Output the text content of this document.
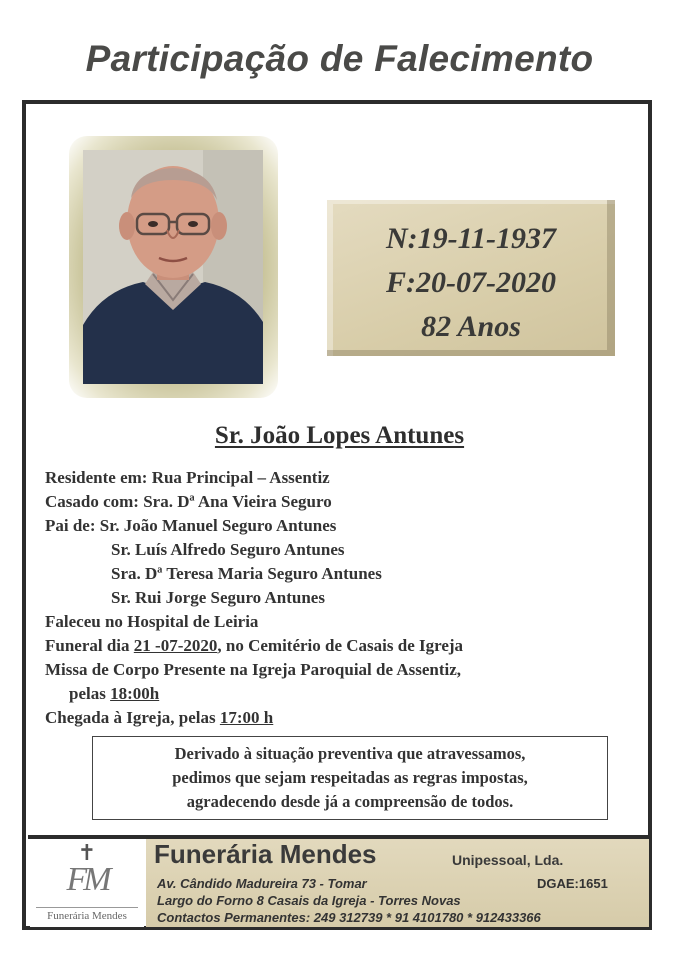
Participação de Falecimento
N:19-11-1937
F:20-07-2020
82 Anos
Sr. João Lopes Antunes
Residente em: Rua Principal – Assentiz
Casado com: Sra. Dª Ana Vieira Seguro
Pai de: Sr. João Manuel Seguro Antunes
Sr. Luís Alfredo Seguro Antunes
Sra. Dª Teresa Maria Seguro Antunes
Sr. Rui Jorge Seguro Antunes
Faleceu no Hospital de Leiria
Funeral dia 21 -07-2020, no Cemitério de Casais de Igreja
Missa de Corpo Presente na Igreja Paroquial de Assentiz,
pelas 18:00h
Chegada à Igreja, pelas 17:00 h
Derivado à situação preventiva que atravessamos,
pedimos que sejam respeitadas as regras impostas,
agradecendo desde já a compreensão de todos.
✝
FM
Funerária Mendes
Funerária Mendes	Unipessoal, Lda.
Av. Cândido Madureira 73 - Tomar	DGAE:1651
Largo do Forno 8 Casais da Igreja - Torres Novas
Contactos Permanentes: 249 312739 * 91 4101780 * 912433366
